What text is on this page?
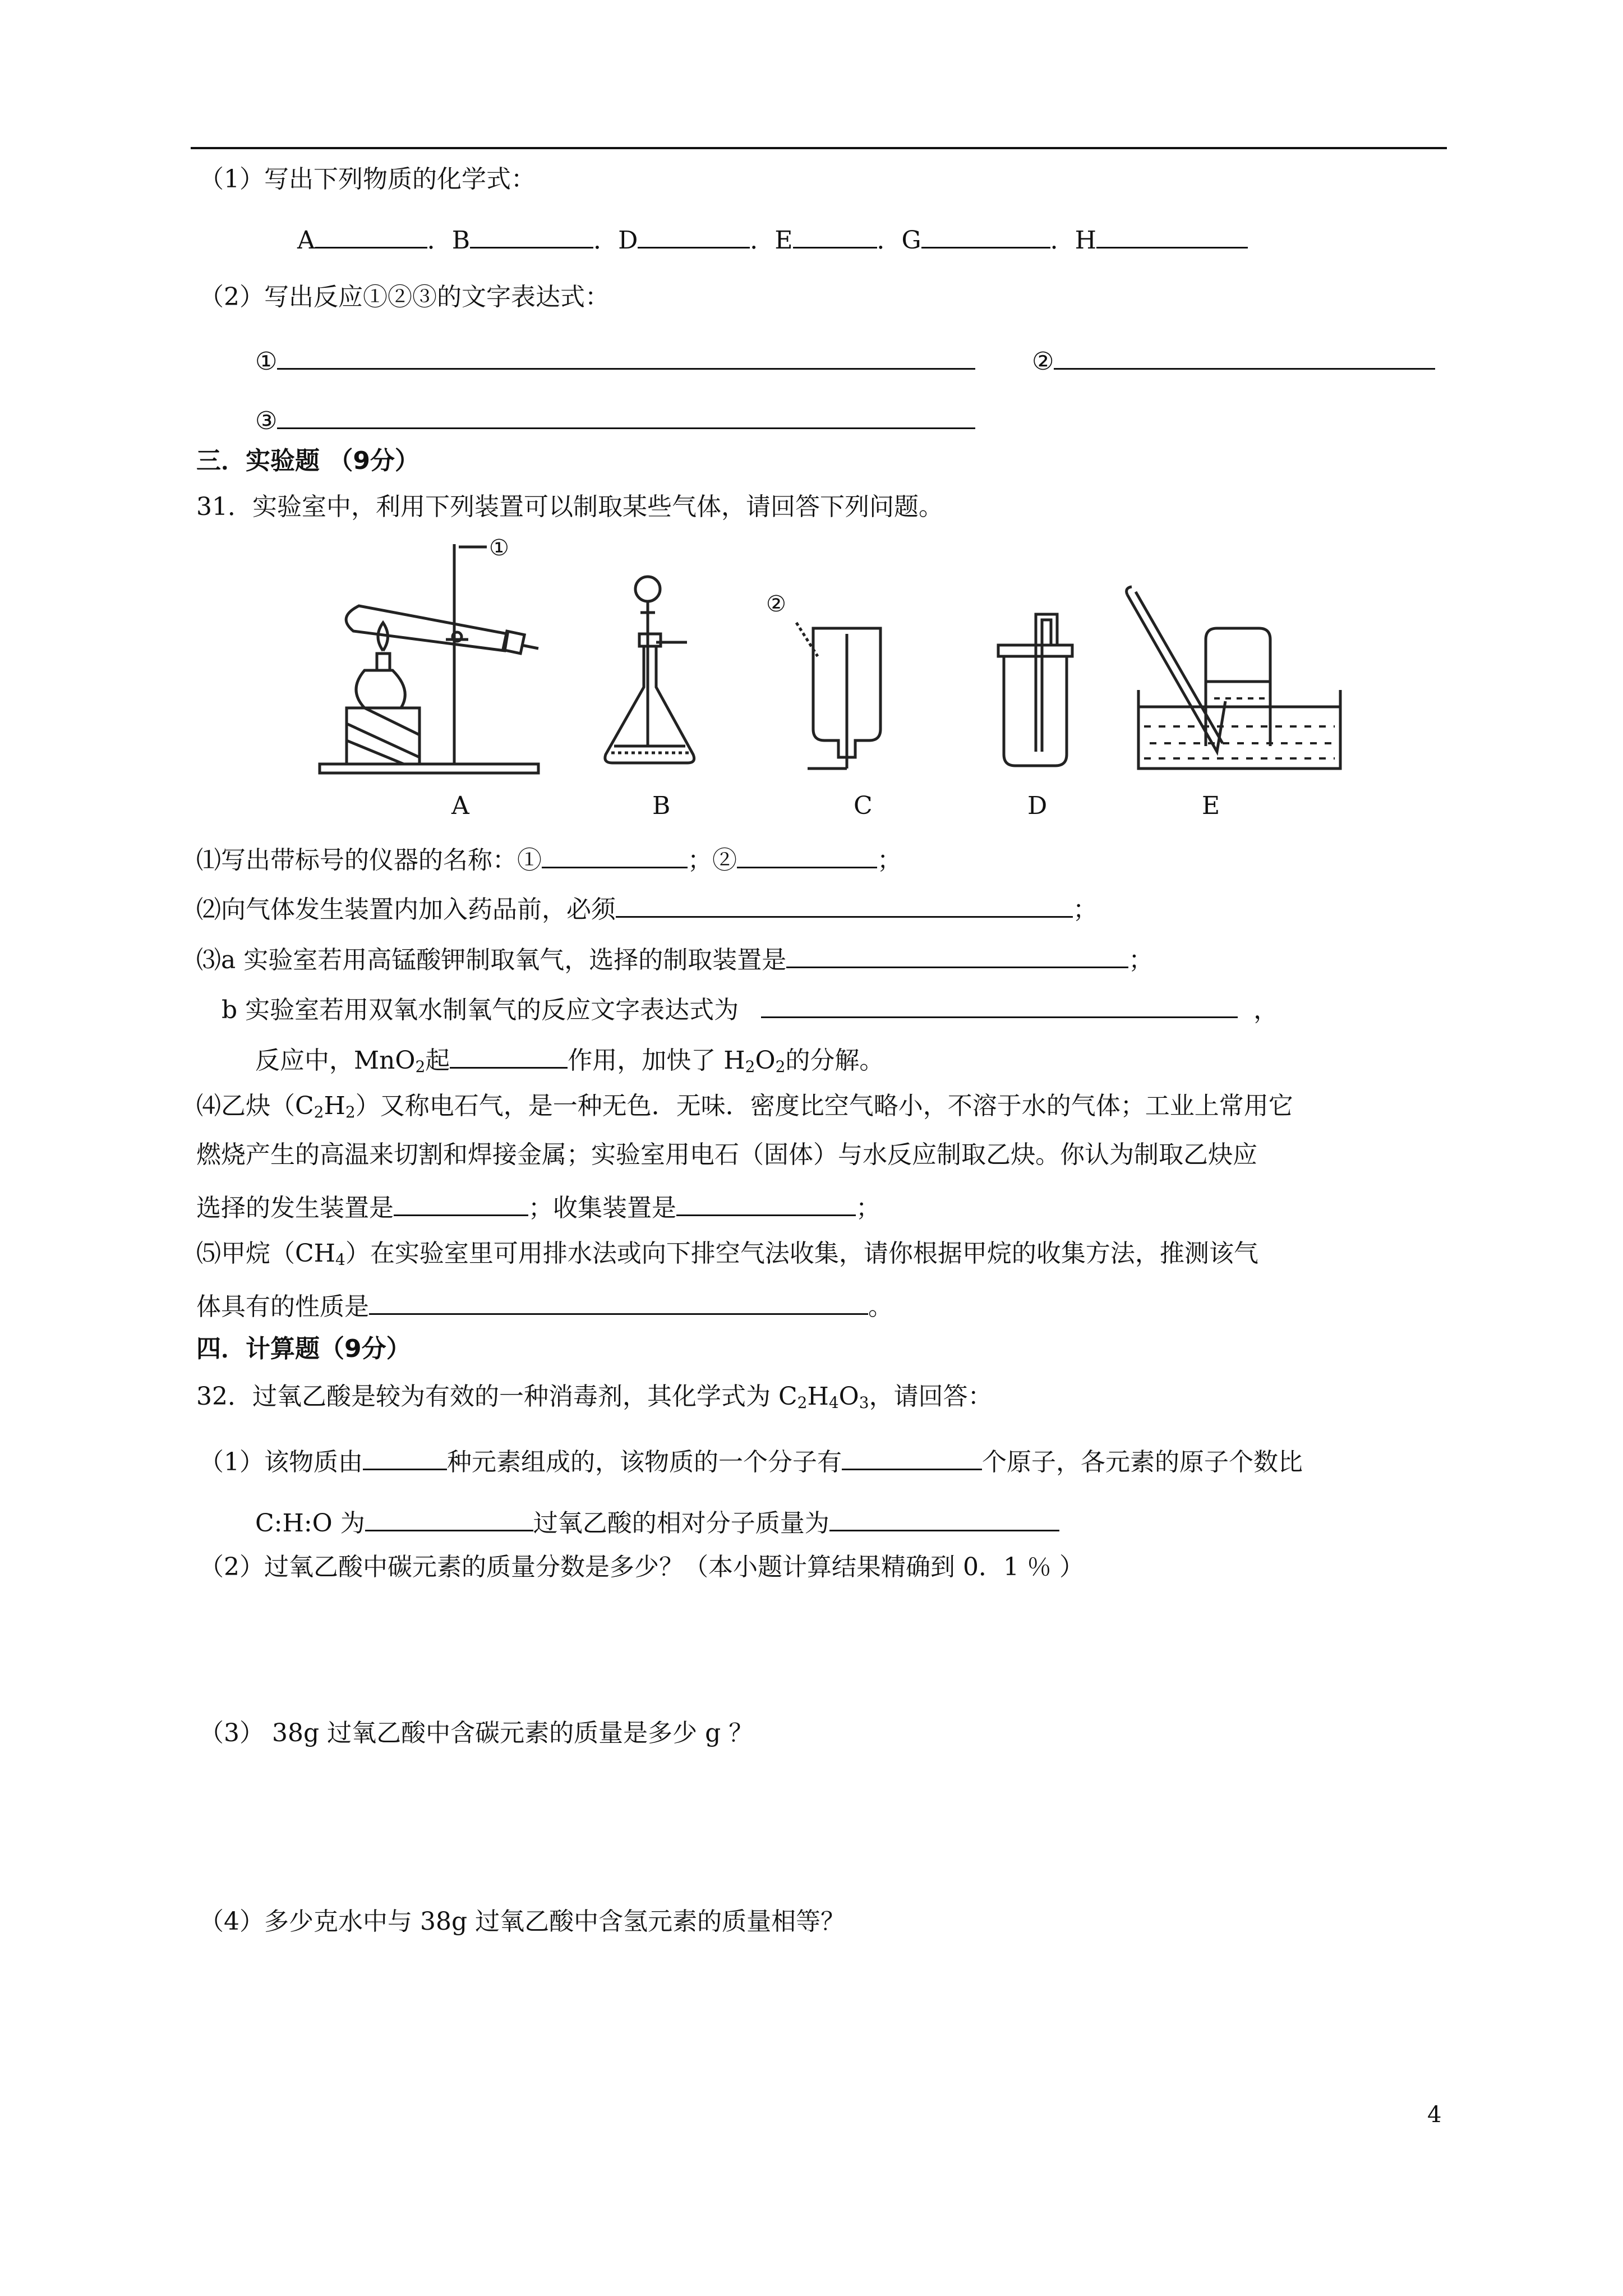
（1）写出下列物质的化学式：
A	．B	．D	．E	．G	．H
（2）写出反应①②③的文字表达式：
①	②
③
三．实验题 （9分）
31．实验室中，利用下列装置可以制取某些气体，请回答下列问题。
①
②
A	B	C	D	E
⑴写出带标号的仪器的名称：①	；②	；
⑵向气体发生装置内加入药品前，必须	；
⑶a 实验室若用高锰酸钾制取氧气，选择的制取装置是	；
b 实验室若用双氧水制氧气的反应文字表达式为	，
反应中，MnO$_2$起	作用，加快了 $H_2O_2$的分解。
⑷乙炔$(C_2H_2)$又称电石气，是一种无色．无味．密度比空气略小，不溶于水的气体；工业上常用它
燃烧产生的高温来切割和焊接金属；实验室用电石（固体）与水反应制取乙炔。你认为制取乙炔应
选择的发生装置是	；收集装置是	；
⑸甲烷$(CH_4)$在实验室里可用排水法或向下排空气法收集，请你根据甲烷的收集方法，推测该气
体具有的性质是	。
四．计算题（9分）
32．过氧乙酸是较为有效的一种消毒剂，其化学式为 $C_2H_4O_3$，请回答：
（1）该物质由	种元素组成的，该物质的一个分子有	个原子，各元素的原子个数比
C:H:O 为	过氧乙酸的相对分子质量为
（2）过氧乙酸中碳元素的质量分数是多少？（本小题计算结果精确到 0．1 ％ ）
（3） 38g 过氧乙酸中含碳元素的质量是多少 g ？
（4）多少克水中与 38g 过氧乙酸中含氢元素的质量相等？
4
